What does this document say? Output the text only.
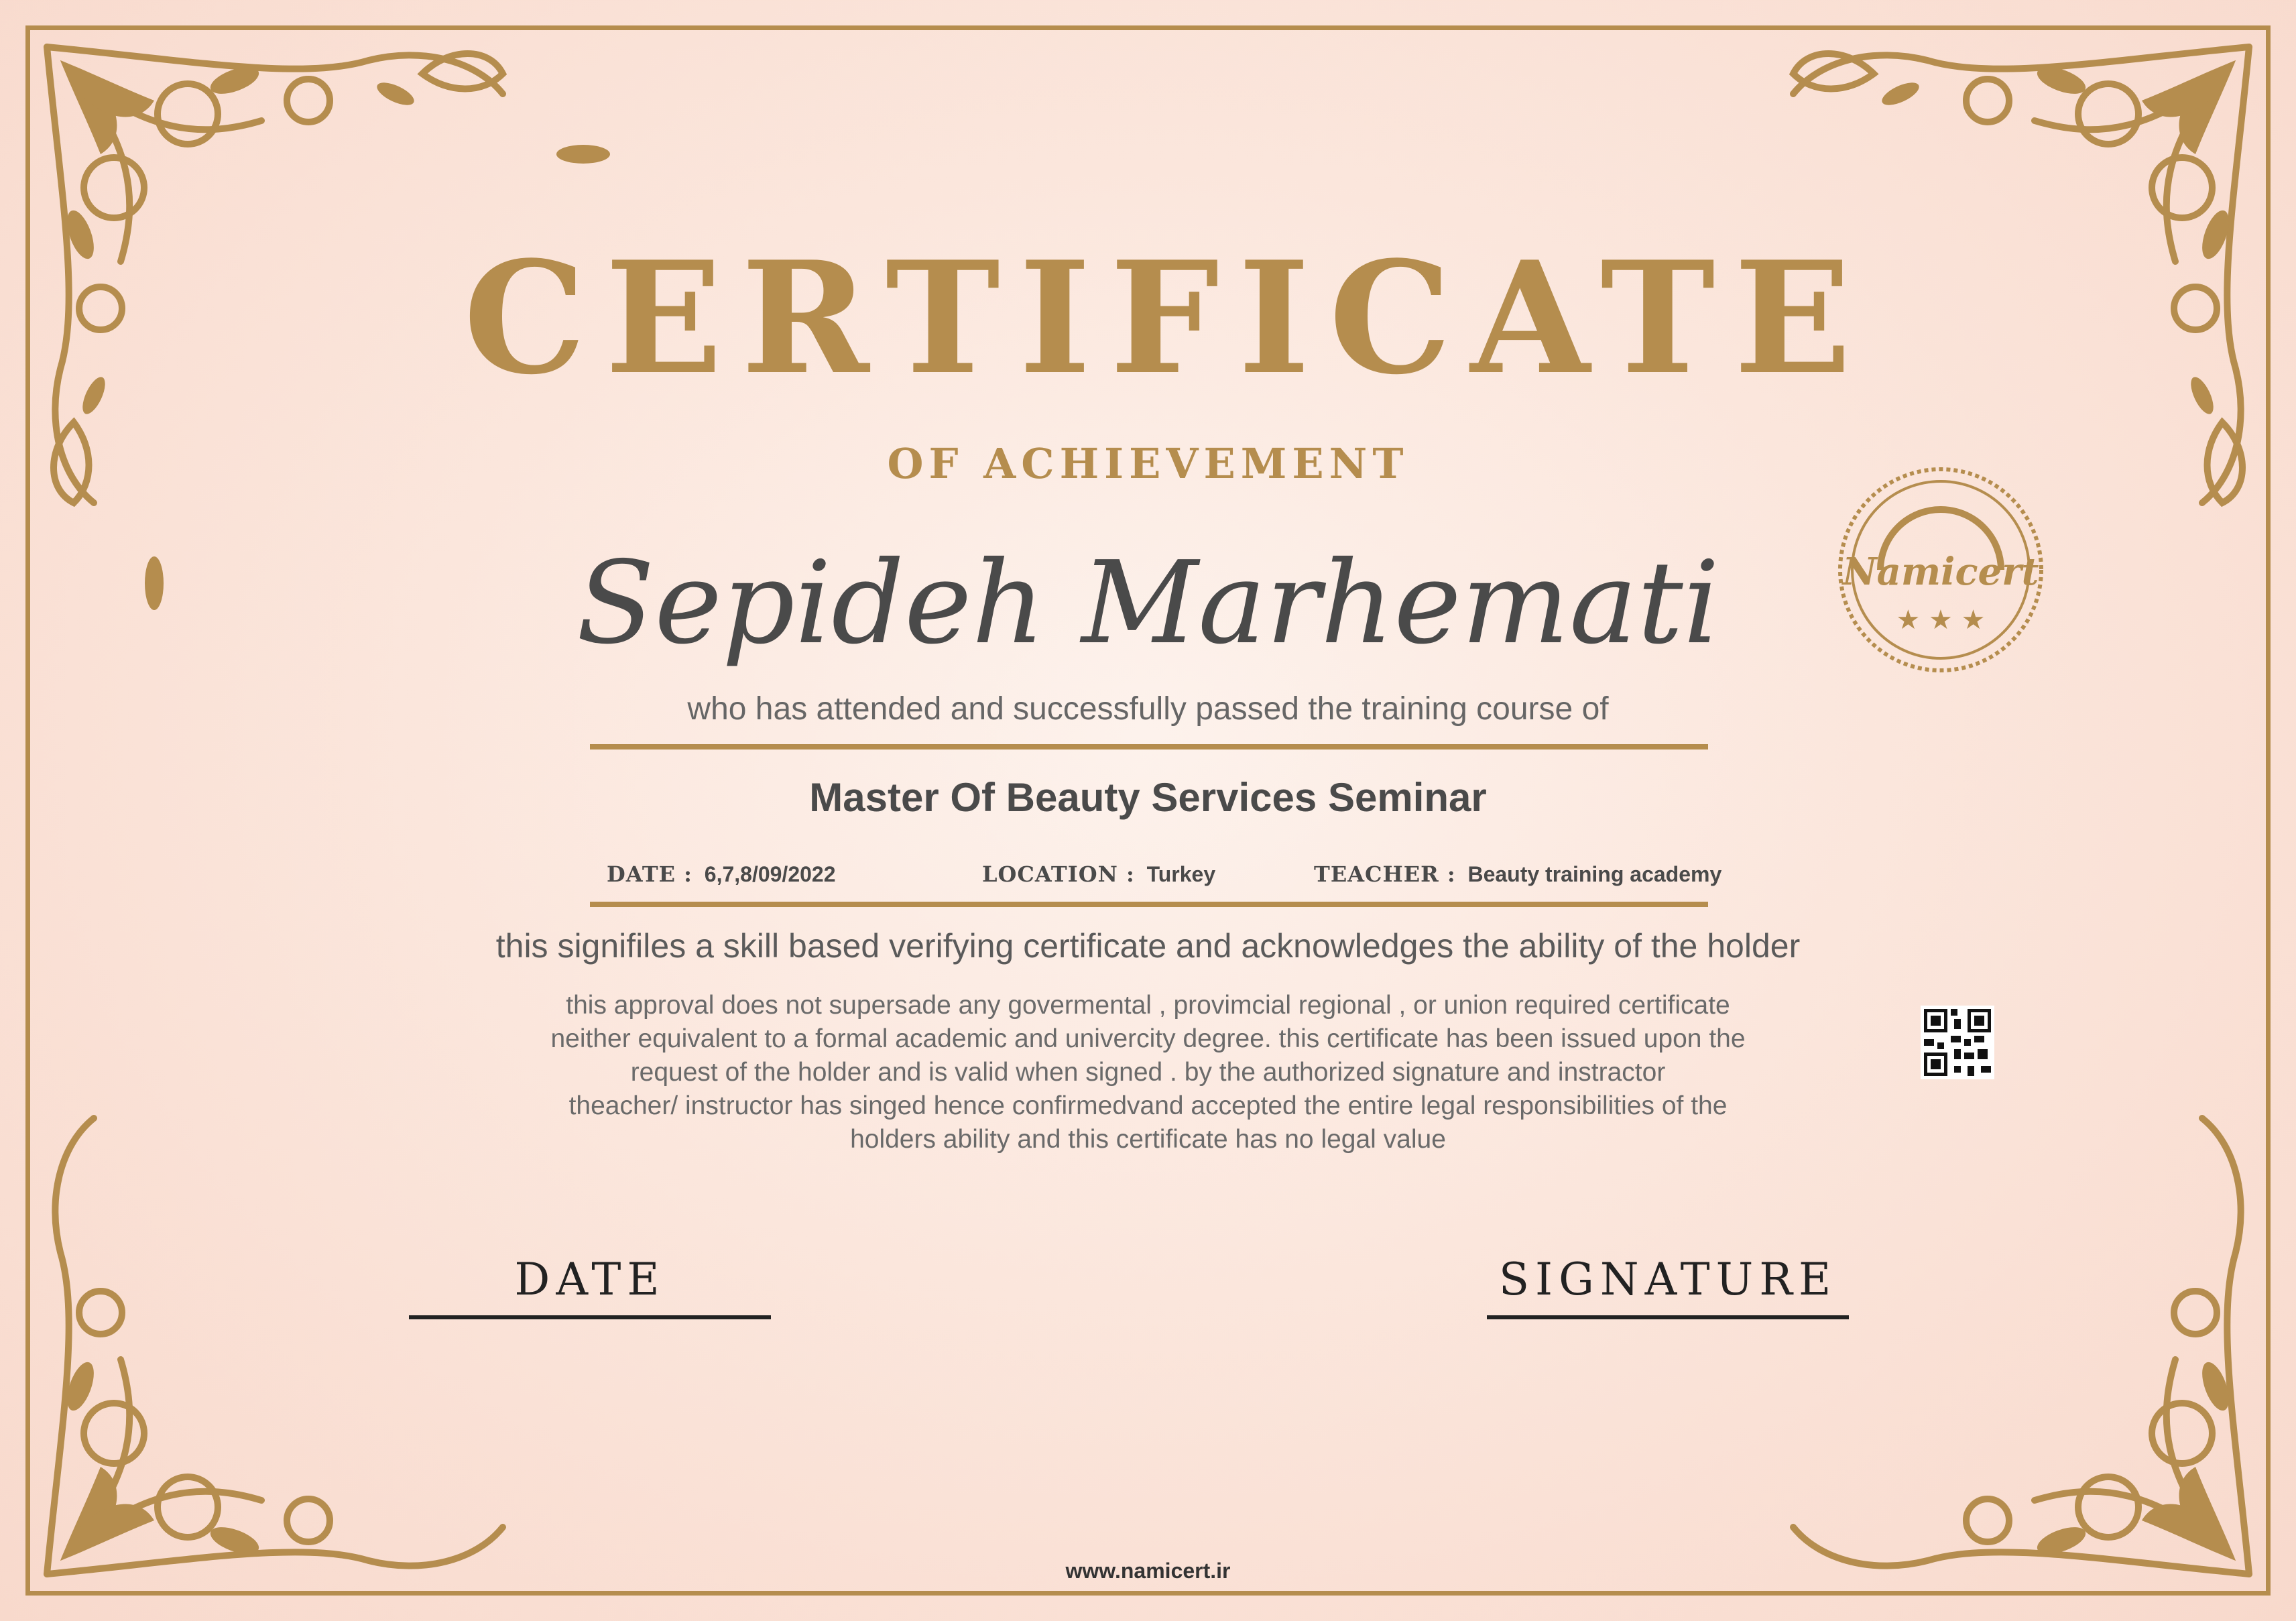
CERTIFICATE
OF ACHIEVEMENT
Sepideh Marhemati
who has attended and successfully passed the training course of
Master Of Beauty Services Seminar
DATE : 6,7,8/09/2022	LOCATION : Turkey	TEACHER : Beauty training academy
this signifiles a skill based verifying certificate and acknowledges the ability of the holder
this approval does not supersade any govermental , provimcial regional , or union required certificate
neither equivalent to a formal academic and univercity degree. this certificate has been issued upon the
request of the holder and is valid when signed . by the authorized signature and instractor
theacher/ instructor has singed hence confirmedvand accepted the entire legal responsibilities of the
holders ability and this certificate has no legal value
Namicert
★ ★ ★
DATE	SIGNATURE
www.namicert.ir
